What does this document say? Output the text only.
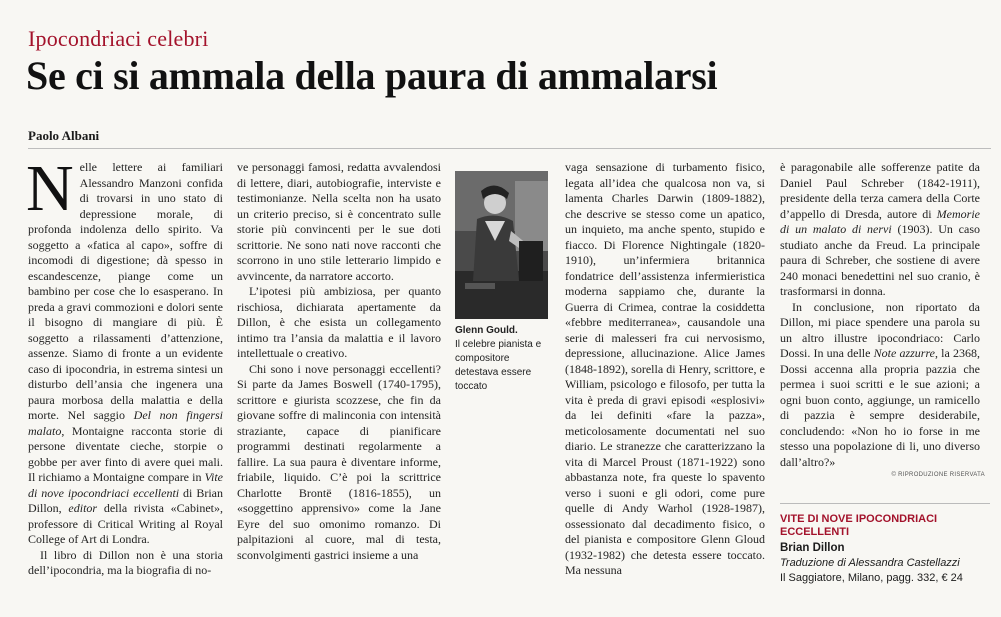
Ipocondriaci celebri
Se ci si ammala della paura di ammalarsi
Paolo Albani

Nelle lettere ai familiari Alessandro Manzoni confida di trovarsi in uno stato di depressione morale, di profonda indolenza dello spirito. Va soggetto a «fatica al capo», soffre di incomodi di digestione; dà spesso in escandescenze, piange come un bambino per cose che lo esasperano. In preda a gravi commozioni e dolori sente il bisogno di mangiare di più. È soggetto a rilassamenti d’attenzione, assenze. Siamo di fronte a un evidente caso di ipocondria, in estrema sintesi un disturbo dell’ansia che ingenera una paura morbosa della malattia e della morte. Nel saggio Del non fingersi malato, Montaigne racconta storie di persone diventate cieche, storpie o gobbe per aver finto di avere quei mali. Il richiamo a Montaigne compare in Vite di nove ipocondriaci eccellenti di Brian Dillon, editor della rivista «Cabinet», professore di Critical Writing al Royal College of Art di Londra.

Il libro di Dillon non è una storia dell’ipocondria, ma la biografia di no-

ve personaggi famosi, redatta avvalendosi di lettere, diari, autobiografie, interviste e testimonianze. Nella scelta non ha usato un criterio preciso, si è concentrato sulle storie più convincenti per le sue doti scrittorie. Ne sono nati nove racconti che scorrono in uno stile letterario limpido e avvincente, da narratore accorto.

L’ipotesi più ambiziosa, per quanto rischiosa, dichiarata apertamente da Dillon, è che esista un collegamento intimo tra l’ansia da malattia e il lavoro intellettuale o creativo.

Chi sono i nove personaggi eccellenti? Si parte da James Boswell (1740-1795), scrittore e giurista scozzese, che fin da giovane soffre di malinconia con intensità straziante, capace di pianificare programmi destinati regolarmente a fallire. La sua paura è diventare informe, friabile, liquido. C’è poi la scrittrice Charlotte Brontë (1816-1855), un «soggettino apprensivo» come la Jane Eyre del suo omonimo romanzo. Di palpitazioni al cuore, mal di testa, sconvolgimenti gastrici insieme a una

Glenn Gould.
Il celebre pianista e compositore detestava essere toccato

vaga sensazione di turbamento fisico, legata all’idea che qualcosa non va, si lamenta Charles Darwin (1809-1882), che descrive se stesso come un apatico, un inquieto, ma anche spento, stupido e fiacco. Di Florence Nightingale (1820-1910), un’infermiera britannica fondatrice dell’assistenza infermieristica moderna sappiamo che, durante la Guerra di Crimea, contrae la cosiddetta «febbre mediterranea», causandole una serie di malesseri fra cui nervosismo, depressione, allucinazione. Alice James (1848-1892), sorella di Henry, scrittore, e William, psicologo e filosofo, per tutta la vita è preda di gravi episodi «esplosivi» da lei definiti «fare la pazza», meticolosamente documentati nel suo diario. Le stranezze che caratterizzano la vita di Marcel Proust (1871-1922) sono abbastanza note, fra queste lo spavento verso i suoni e gli odori, come pure quelle di Andy Warhol (1928-1987), ossessionato dal decadimento fisico, o del pianista e compositore Glenn Gloud (1932-1982) che detesta essere toccato. Ma nessuna

è paragonabile alle sofferenze patite da Daniel Paul Schreber (1842-1911), presidente della terza camera della Corte d’appello di Dresda, autore di Memorie di un malato di nervi (1903). Un caso studiato anche da Freud. La principale paura di Schreber, che sostiene di avere 240 monaci benedettini nel suo cranio, è trasformarsi in donna.

In conclusione, non riportato da Dillon, mi piace spendere una parola su un altro illustre ipocondriaco: Carlo Dossi. In una delle Note azzurre, la 2368, Dossi accenna alla propria pazzia che permea i suoi scritti e le sue azioni; a ogni buon conto, aggiunge, un ramicello di pazzia è sempre desiderabile, concludendo: «Non ho io forse in me stesso una popolazione di li, uno diverso dall’altro?»

© RIPRODUZIONE RISERVATA
VITE DI NOVE IPOCONDRIACI ECCELLENTI
Brian Dillon
Traduzione di Alessandra Castellazzi
Il Saggiatore, Milano, pagg. 332, € 24
